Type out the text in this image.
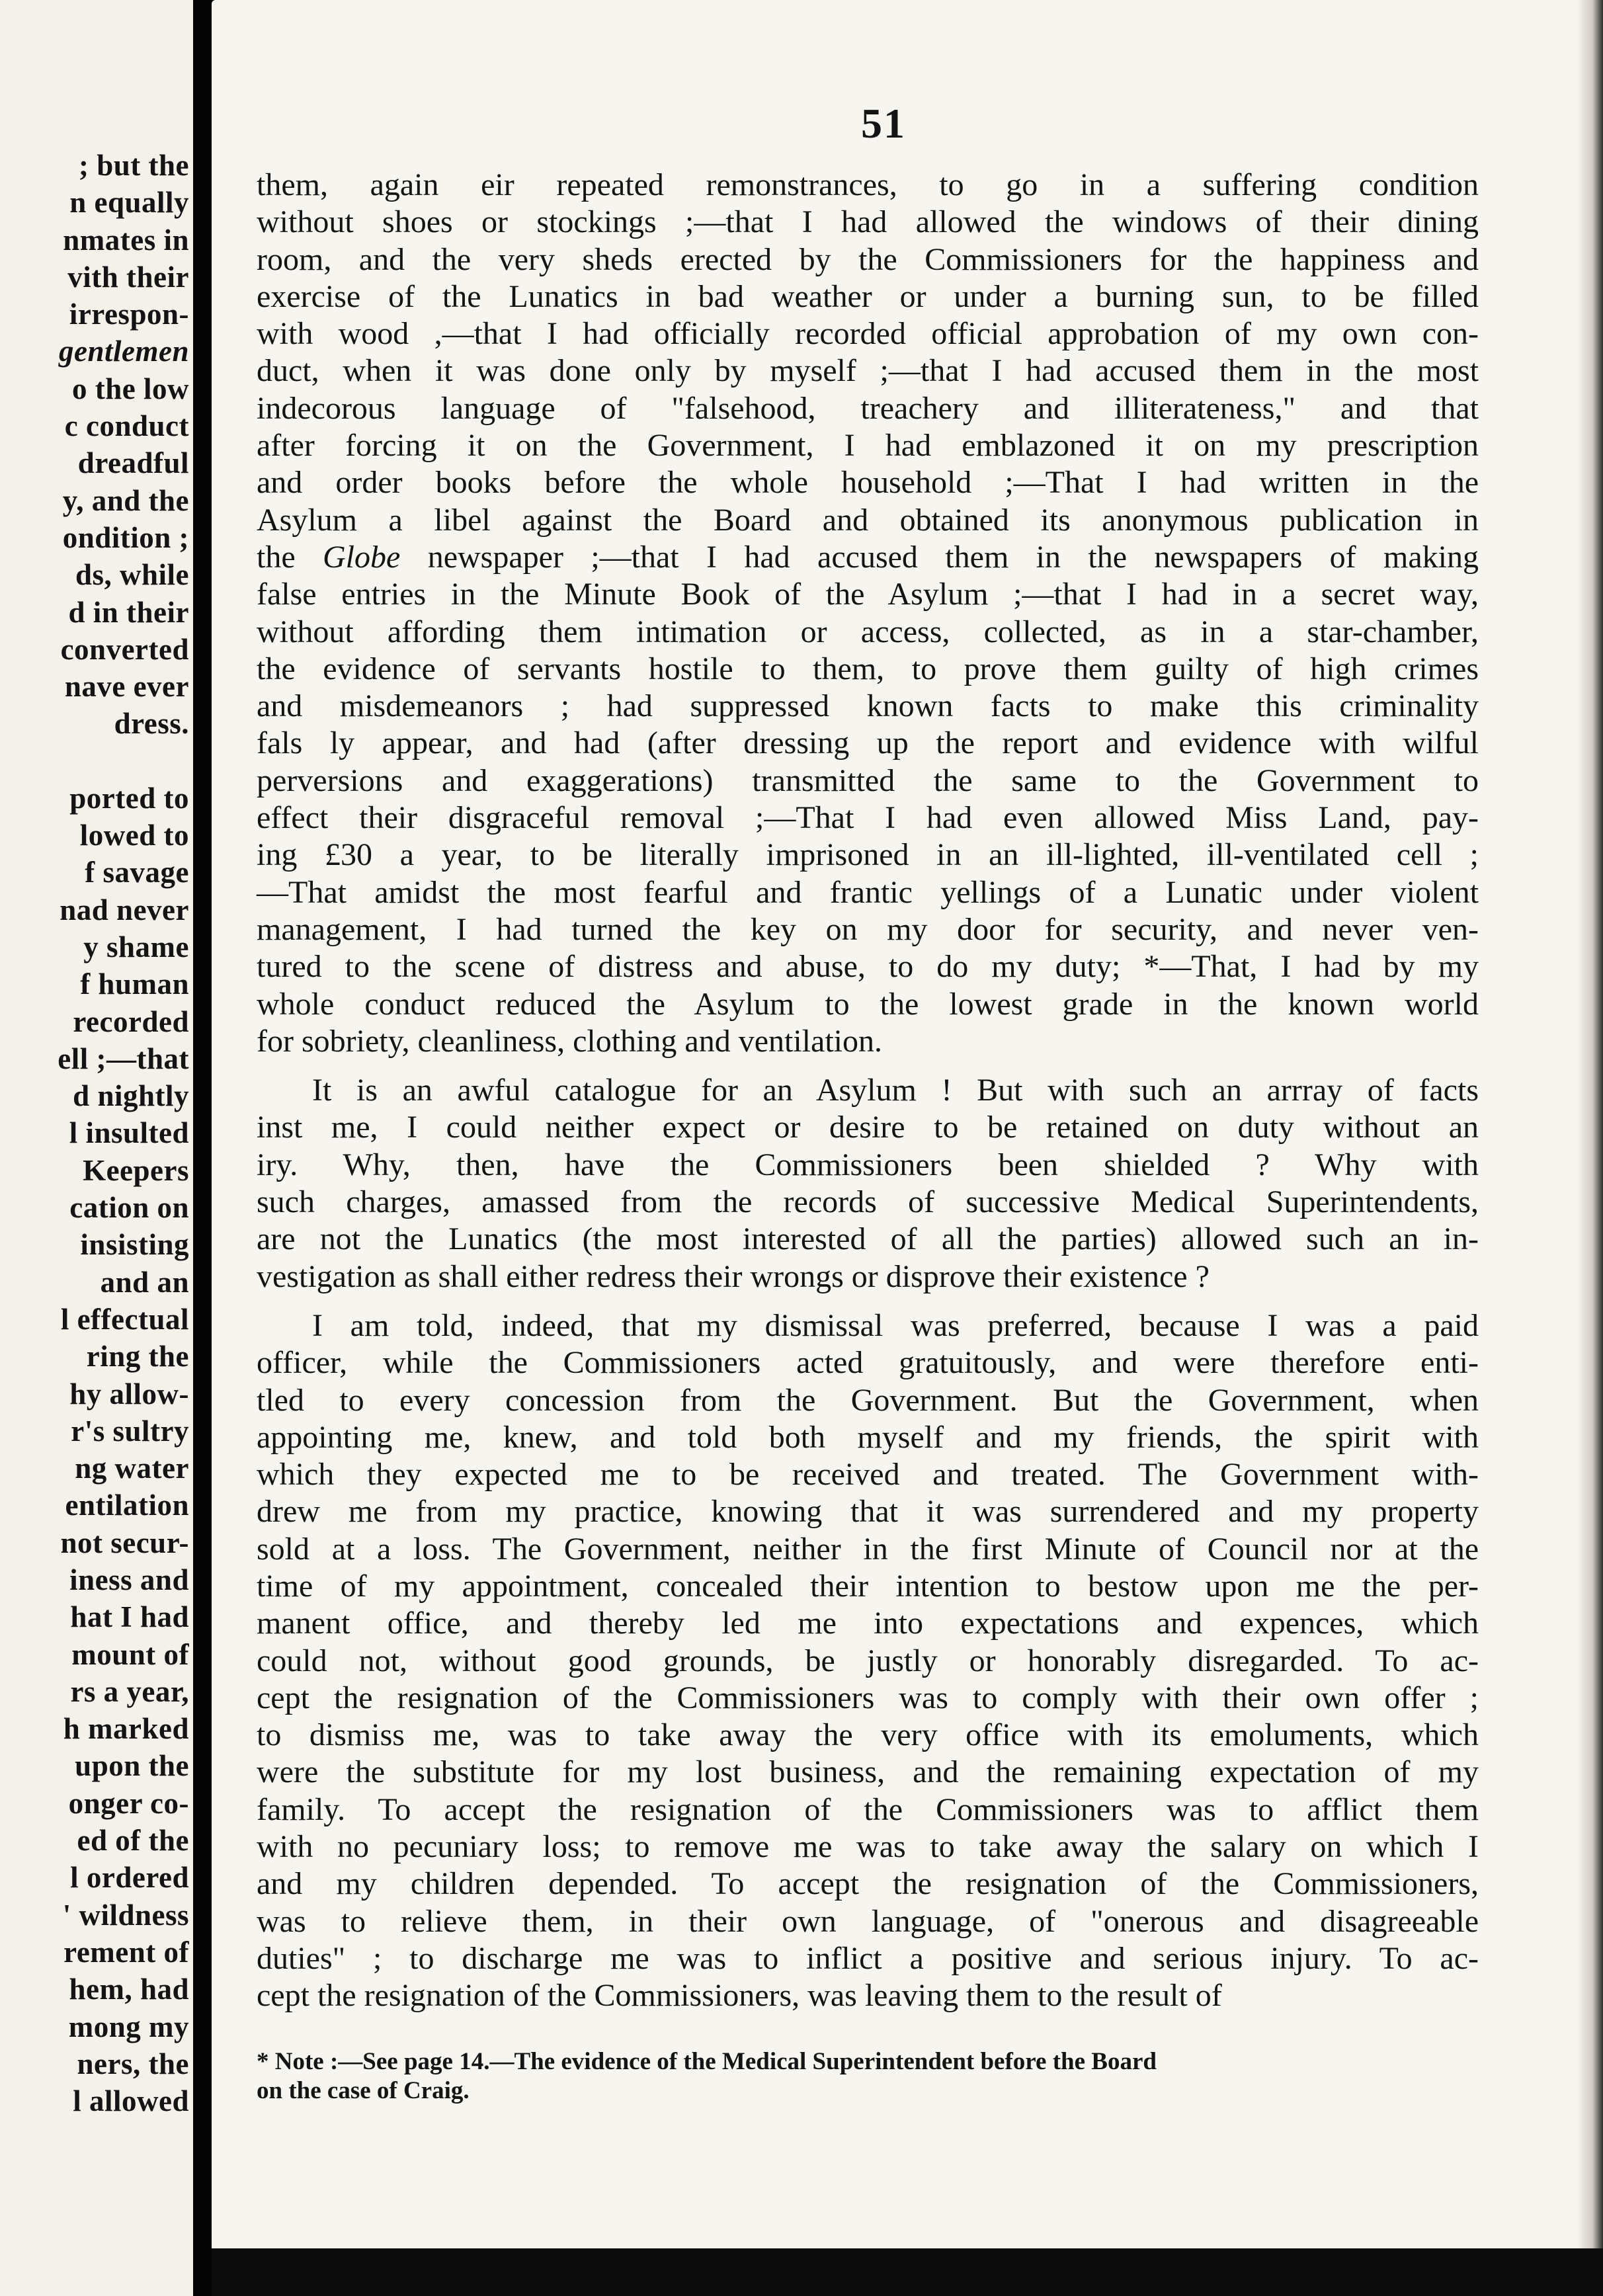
; but the
n equally
nmates in
vith their
irrespon-
gentlemen
o the low
c conduct
dreadful
y, and the
ondition ;
ds, while
d in their
converted
nave ever
dress.
ported to
lowed to
f savage
nad never
y shame
f human
recorded
ell ;—that
d nightly
l insulted
Keepers
cation on
insisting
and an
l effectual
ring the
hy allow-
r's sultry
ng water
entilation
not secur-
iness and
hat I had
mount of
rs a year,
h marked
upon the
onger co-
ed of the
l ordered
' wildness
rement of
hem, had
mong my
ners, the
l allowed
51
them, again eir repeated remonstrances, to go in a suffering condition
without shoes or stockings ;—that I had allowed the windows of their dining
room, and the very sheds erected by the Commissioners for the happiness and
exercise of the Lunatics in bad weather or under a burning sun, to be filled
with wood ,—that I had officially recorded official approbation of my own con-
duct, when it was done only by myself ;—that I had accused them in the most
indecorous language of "falsehood, treachery and illiterateness," and that
after forcing it on the Government, I had emblazoned it on my prescription
and order books before the whole household ;—That I had written in the
Asylum a libel against the Board and obtained its anonymous publication in
the Globe newspaper ;—that I had accused them in the newspapers of making
false entries in the Minute Book of the Asylum ;—that I had in a secret way,
without affording them intimation or access, collected, as in a star-chamber,
the evidence of servants hostile to them, to prove them guilty of high crimes
and misdemeanors ; had suppressed known facts to make this criminality
fals ly appear, and had (after dressing up the report and evidence with wilful
perversions and exaggerations) transmitted the same to the Government to
effect their disgraceful removal ;—That I had even allowed Miss Land, pay-
ing £30 a year, to be literally imprisoned in an ill-lighted, ill-ventilated cell ;
—That amidst the most fearful and frantic yellings of a Lunatic under violent
management, I had turned the key on my door for security, and never ven-
tured to the scene of distress and abuse, to do my duty; *—That, I had by my
whole conduct reduced the Asylum to the lowest grade in the known world
for sobriety, cleanliness, clothing and ventilation.
It is an awful catalogue for an Asylum ! But with such an arrray of facts
inst me, I could neither expect or desire to be retained on duty without an
iry. Why, then, have the Commissioners been shielded ? Why with
such charges, amassed from the records of successive Medical Superintendents,
are not the Lunatics (the most interested of all the parties) allowed such an in-
vestigation as shall either redress their wrongs or disprove their existence ?
I am told, indeed, that my dismissal was preferred, because I was a paid
officer, while the Commissioners acted gratuitously, and were therefore enti-
tled to every concession from the Government. But the Government, when
appointing me, knew, and told both myself and my friends, the spirit with
which they expected me to be received and treated. The Government with-
drew me from my practice, knowing that it was surrendered and my property
sold at a loss. The Government, neither in the first Minute of Council nor at the
time of my appointment, concealed their intention to bestow upon me the per-
manent office, and thereby led me into expectations and expences, which
could not, without good grounds, be justly or honorably disregarded. To ac-
cept the resignation of the Commissioners was to comply with their own offer ;
to dismiss me, was to take away the very office with its emoluments, which
were the substitute for my lost business, and the remaining expectation of my
family. To accept the resignation of the Commissioners was to afflict them
with no pecuniary loss; to remove me was to take away the salary on which I
and my children depended. To accept the resignation of the Commissioners,
was to relieve them, in their own language, of "onerous and disagreeable
duties" ; to discharge me was to inflict a positive and serious injury. To ac-
cept the resignation of the Commissioners, was leaving them to the result of
* Note :—See page 14.—The evidence of the Medical Superintendent before the Board
on the case of Craig.
